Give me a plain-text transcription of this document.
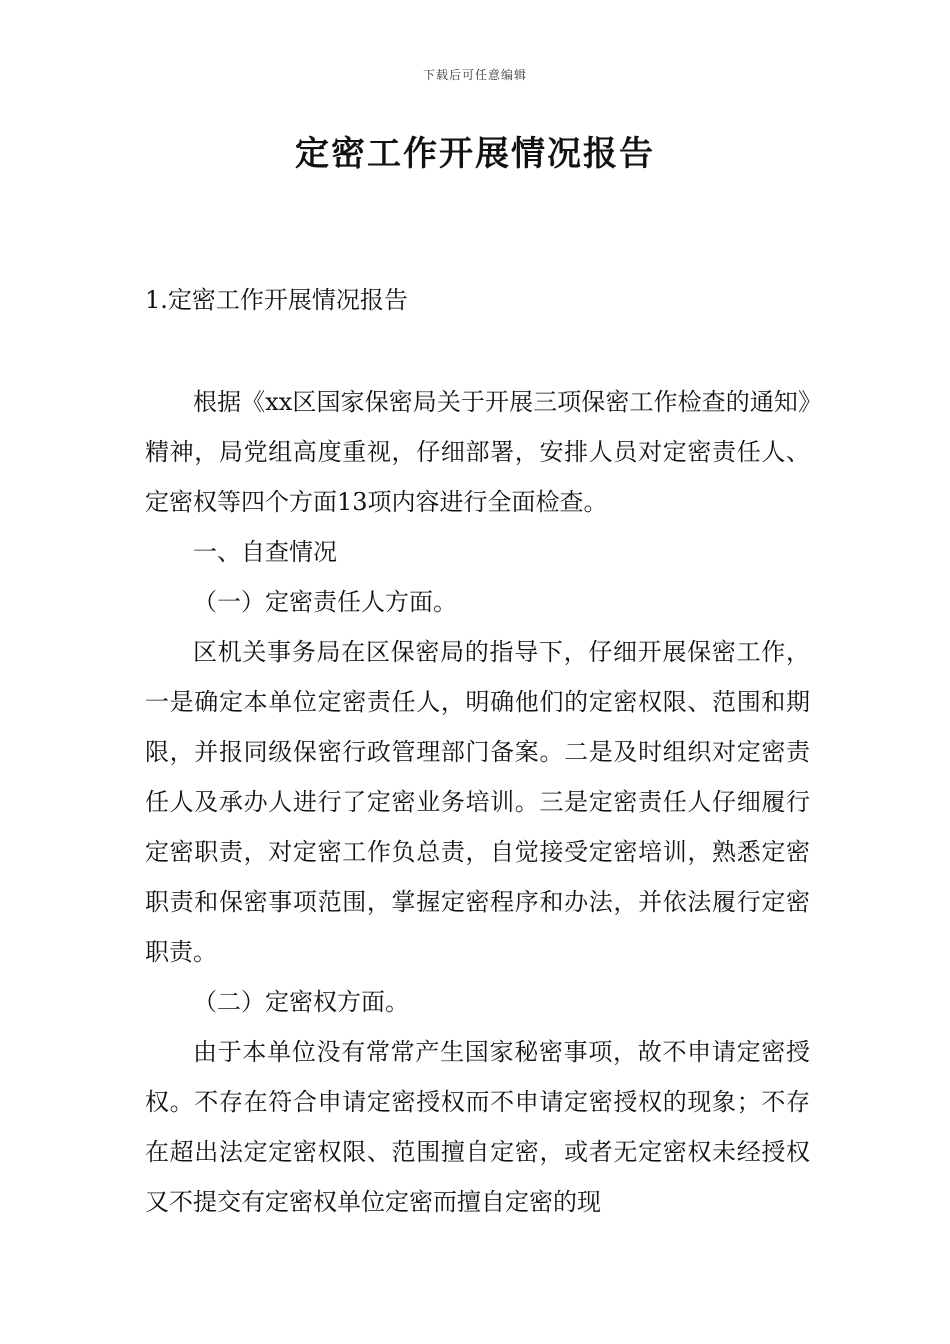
下载后可任意编辑
定密工作开展情况报告
1.定密工作开展情况报告

根据《xx区国家保密局关于开展三项保密工作检查的通知》精神，局党组高度重视，仔细部署，安排人员对定密责任人、定密权等四个方面13项内容进行全面检查。

一、自查情况

（一）定密责任人方面。

区机关事务局在区保密局的指导下，仔细开展保密工作，一是确定本单位定密责任人，明确他们的定密权限、范围和期限，并报同级保密行政管理部门备案。二是及时组织对定密责任人及承办人进行了定密业务培训。三是定密责任人仔细履行定密职责，对定密工作负总责，自觉接受定密培训，熟悉定密职责和保密事项范围，掌握定密程序和办法，并依法履行定密职责。

（二）定密权方面。

由于本单位没有常常产生国家秘密事项，故不申请定密授权。不存在符合申请定密授权而不申请定密授权的现象；不存在超出法定定密权限、范围擅自定密，或者无定密权未经授权又不提交有定密权单位定密而擅自定密的现
